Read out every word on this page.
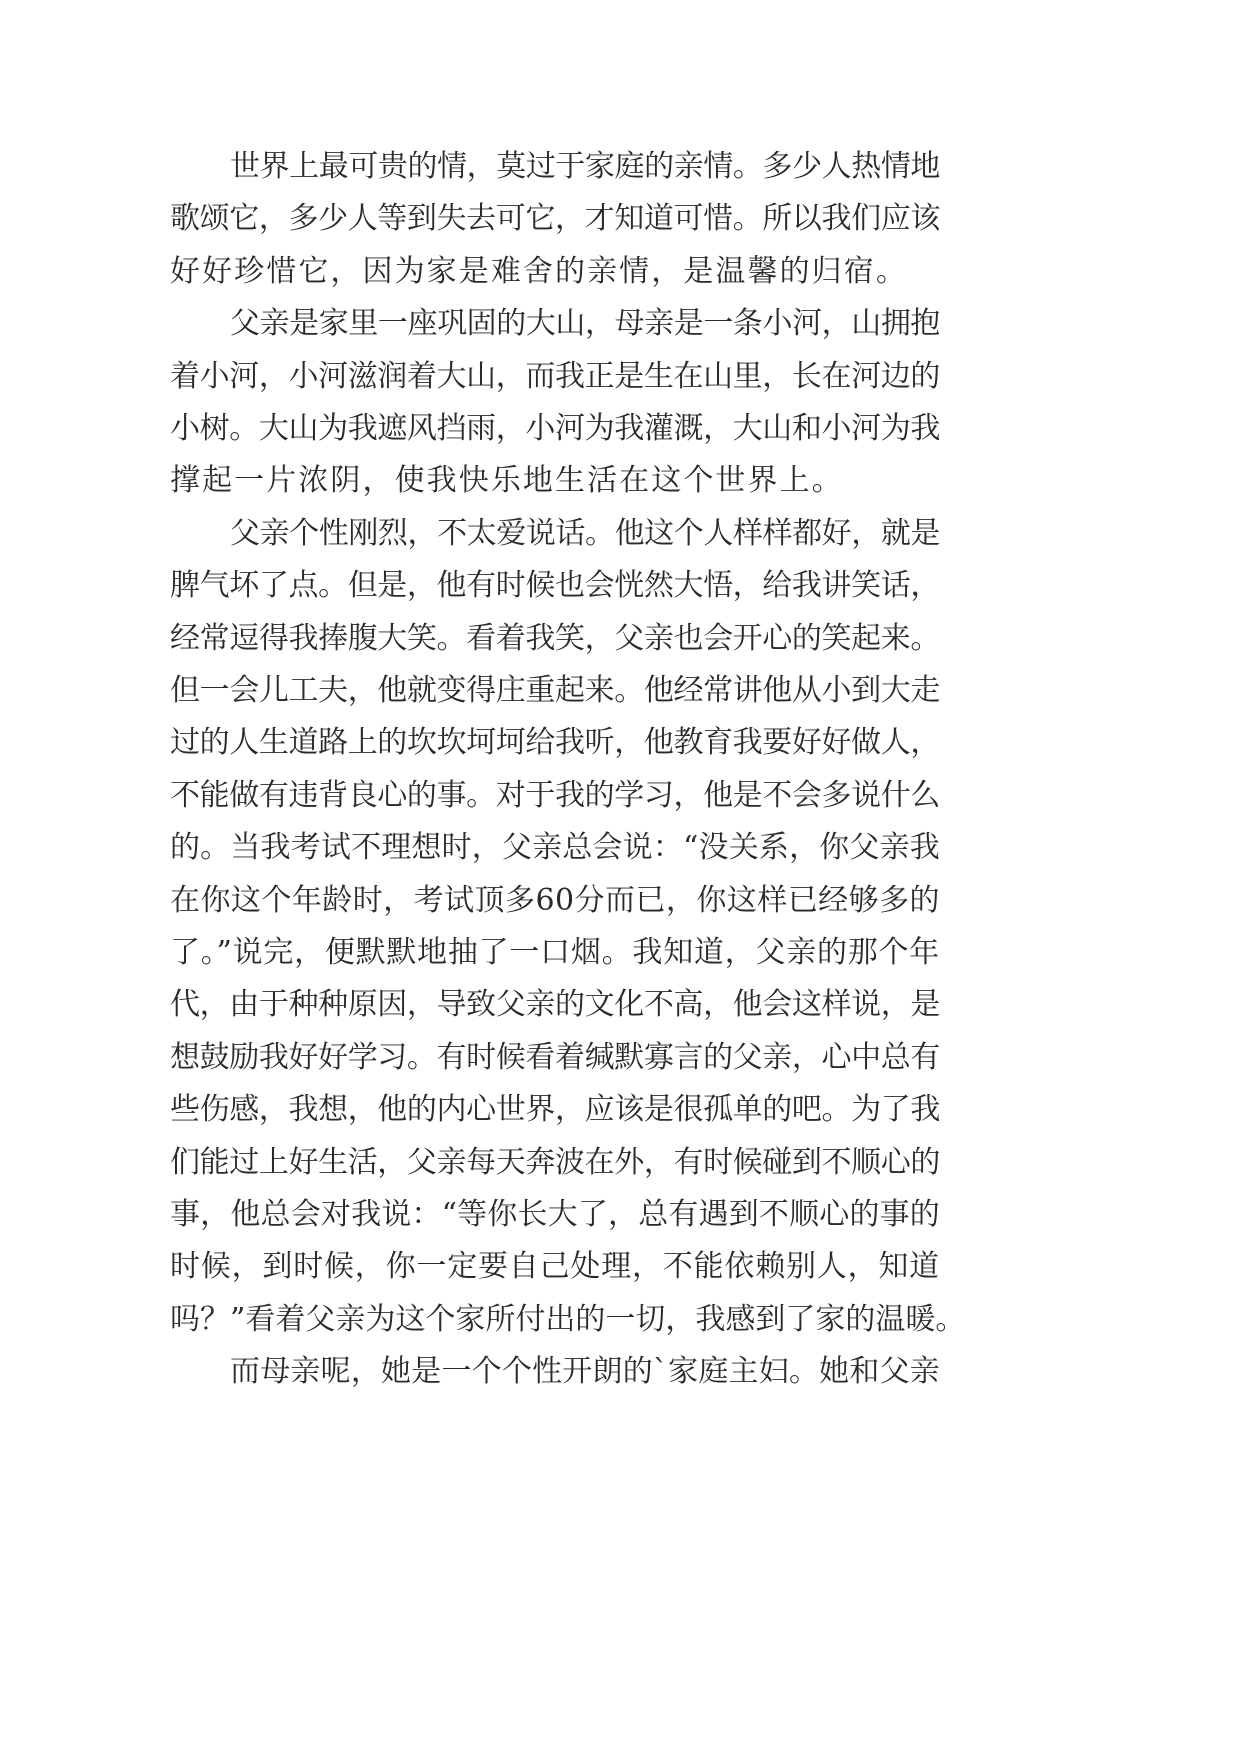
世界上最可贵的情，莫过于家庭的亲情。多少人热情地
歌颂它，多少人等到失去可它，才知道可惜。所以我们应该
好好珍惜它，因为家是难舍的亲情，是温馨的归宿。
父亲是家里一座巩固的大山，母亲是一条小河，山拥抱
着小河，小河滋润着大山，而我正是生在山里，长在河边的
小树。大山为我遮风挡雨，小河为我灌溉，大山和小河为我
撑起一片浓阴，使我快乐地生活在这个世界上。
父亲个性刚烈，不太爱说话。他这个人样样都好，就是
脾气坏了点。但是，他有时候也会恍然大悟，给我讲笑话，
经常逗得我捧腹大笑。看着我笑，父亲也会开心的笑起来。
但一会儿工夫，他就变得庄重起来。他经常讲他从小到大走
过的人生道路上的坎坎坷坷给我听，他教育我要好好做人，
不能做有违背良心的事。对于我的学习，他是不会多说什么
的。当我考试不理想时，父亲总会说：“没关系，你父亲我
在你这个年龄时，考试顶多60分而已，你这样已经够多的
了。”说完，便默默地抽了一口烟。我知道，父亲的那个年
代，由于种种原因，导致父亲的文化不高，他会这样说，是
想鼓励我好好学习。有时候看着缄默寡言的父亲，心中总有
些伤感，我想，他的内心世界，应该是很孤单的吧。为了我
们能过上好生活，父亲每天奔波在外，有时候碰到不顺心的
事，他总会对我说：“等你长大了，总有遇到不顺心的事的
时候，到时候，你一定要自己处理，不能依赖别人，知道
吗？”看着父亲为这个家所付出的一切，我感到了家的温暖。
而母亲呢，她是一个个性开朗的`家庭主妇。她和父亲
